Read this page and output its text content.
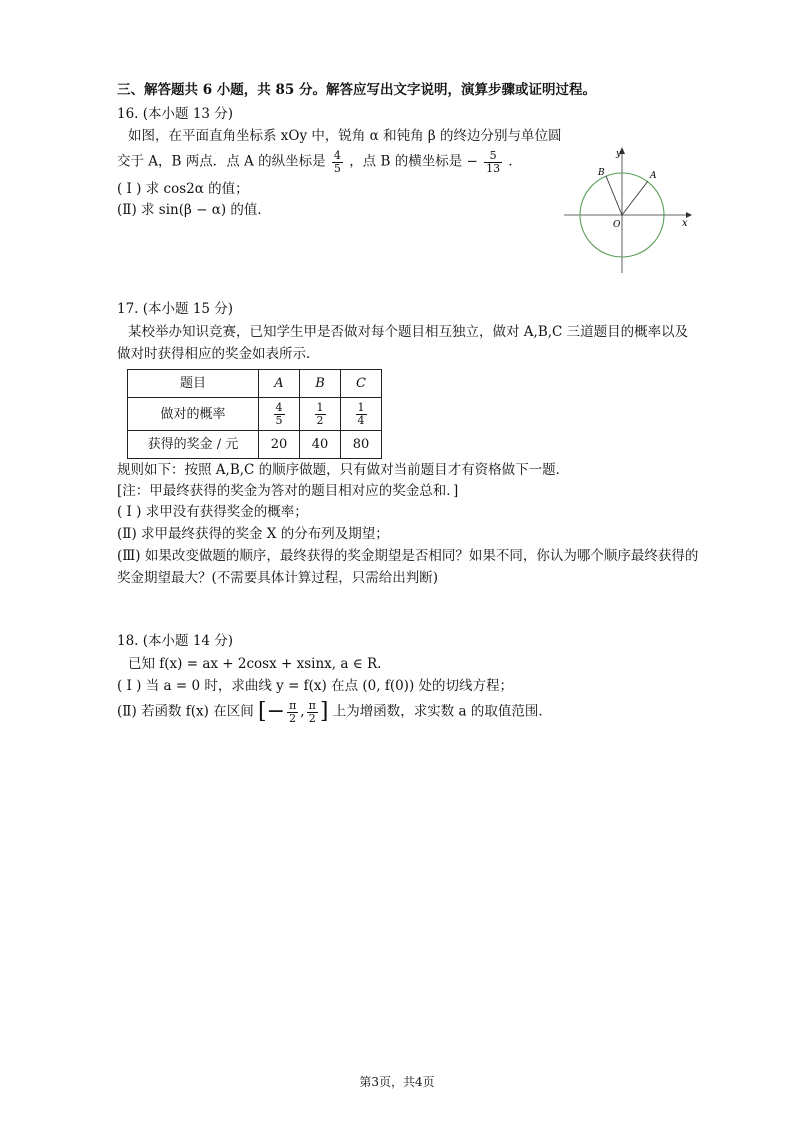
三、解答题共 6 小题，共 85 分。解答应写出文字说明，演算步骤或证明过程。
16. (本小题 13 分)
如图，在平面直角坐标系 xOy 中，锐角 α 和钝角 β 的终边分别与单位圆
交于 A，B 两点．点 A 的纵坐标是 $\frac{4}{5}$ ，点 B 的横坐标是 − $\frac{5}{13}$ ．
( I ) 求 cos2α 的值；
(Ⅱ) 求 sin(β − α) 的值．
y
x
O
A
B
17. (本小题 15 分)
某校举办知识竞赛，已知学生甲是否做对每个题目相互独立，做对 A,B,C 三道题目的概率以及
做对时获得相应的奖金如表所示．
题目	A	B	C
做对的概率	$\frac{4}{5}$	$\frac{1}{2}$	$\frac{1}{4}$

获得的奖金 / 元	20	40	80
规则如下：按照 A,B,C 的顺序做题，只有做对当前题目才有资格做下一题．
[注：甲最终获得的奖金为答对的题目相对应的奖金总和．]
( I ) 求甲没有获得奖金的概率；
(Ⅱ) 求甲最终获得的奖金 X 的分布列及期望；
(Ⅲ) 如果改变做题的顺序，最终获得的奖金期望是否相同？如果不同，你认为哪个顺序最终获得的
奖金期望最大？(不需要具体计算过程，只需给出判断)
18. (本小题 14 分)
已知 f(x) = ax + 2cosx + xsinx, a ∈ R.
( I ) 当 a = 0 时，求曲线 y = f(x) 在点 (0, f(0)) 处的切线方程；
(Ⅱ) 若函数 f(x) 在区间 [− $\frac{\pi}{2}$ , $\frac{\pi}{2}$ ] 上为增函数，求实数 a 的取值范围．
第3页，共4页
